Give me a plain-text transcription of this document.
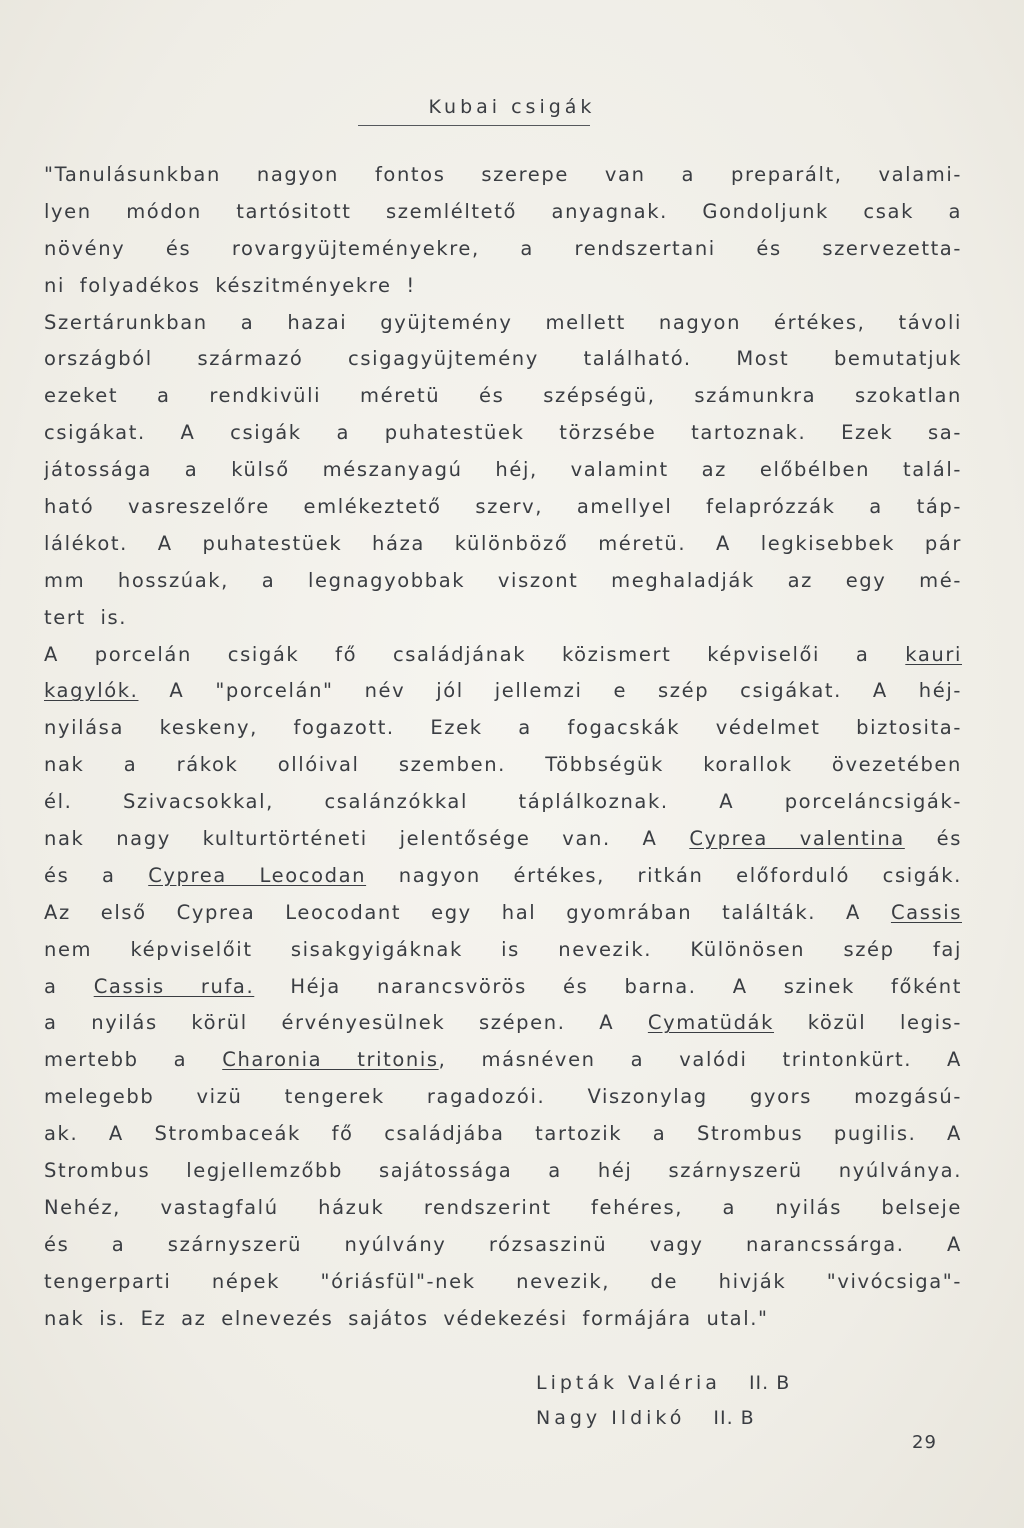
Kubai csigák
"Tanulásunkban nagyon fontos szerepe van a preparált, valami-
lyen módon tartósitott szemléltető anyagnak. Gondoljunk csak a
növény és rovargyüjteményekre, a rendszertani és szervezetta-
ni folyadékos készitményekre !
Szertárunkban a hazai gyüjtemény mellett nagyon értékes, távoli
országból származó csigagyüjtemény található. Most bemutatjuk
ezeket a rendkivüli méretü és szépségü, számunkra szokatlan
csigákat. A csigák a puhatestüek törzsébe tartoznak. Ezek sa-
játossága a külső mészanyagú héj, valamint az előbélben talál-
ható vasreszelőre emlékeztető szerv, amellyel felaprózzák a táp-
lálékot. A puhatestüek háza különböző méretü. A legkisebbek pár
mm hosszúak, a legnagyobbak viszont meghaladják az egy mé-
tert is.
A porcelán csigák fő családjának közismert képviselői a kauri
kagylók. A "porcelán" név jól jellemzi e szép csigákat. A héj-
nyilása keskeny, fogazott. Ezek a fogacskák védelmet biztosita-
nak a rákok ollóival szemben. Többségük korallok övezetében
él. Szivacsokkal, csalánzókkal táplálkoznak. A porceláncsigák-
nak nagy kulturtörténeti jelentősége van. A Cyprea valentina és
és a Cyprea Leocodan nagyon értékes, ritkán előforduló csigák.
Az első Cyprea Leocodant egy hal gyomrában találták. A Cassis
nem képviselőit sisakgyigáknak is nevezik. Különösen szép faj
a Cassis rufa. Héja narancsvörös és barna. A szinek főként
a nyilás körül érvényesülnek szépen. A Cymatüdák közül legis-
mertebb a Charonia tritonis, másnéven a valódi trintonkürt. A
melegebb vizü tengerek ragadozói. Viszonylag gyors mozgású-
ak. A Strombaceák fő családjába tartozik a Strombus pugilis. A
Strombus legjellemzőbb sajátossága a héj szárnyszerü nyúlványa.
Nehéz, vastagfalú házuk rendszerint fehéres, a nyilás belseje
és a szárnyszerü nyúlvány rózsaszinü vagy narancssárga. A
tengerparti népek "óriásfül"-nek nevezik, de hivják "vivócsiga"-
nak is. Ez az elnevezés sajátos védekezési formájára utal."
Lipták Valéria II. B
Nagy Ildikó II. B
29
